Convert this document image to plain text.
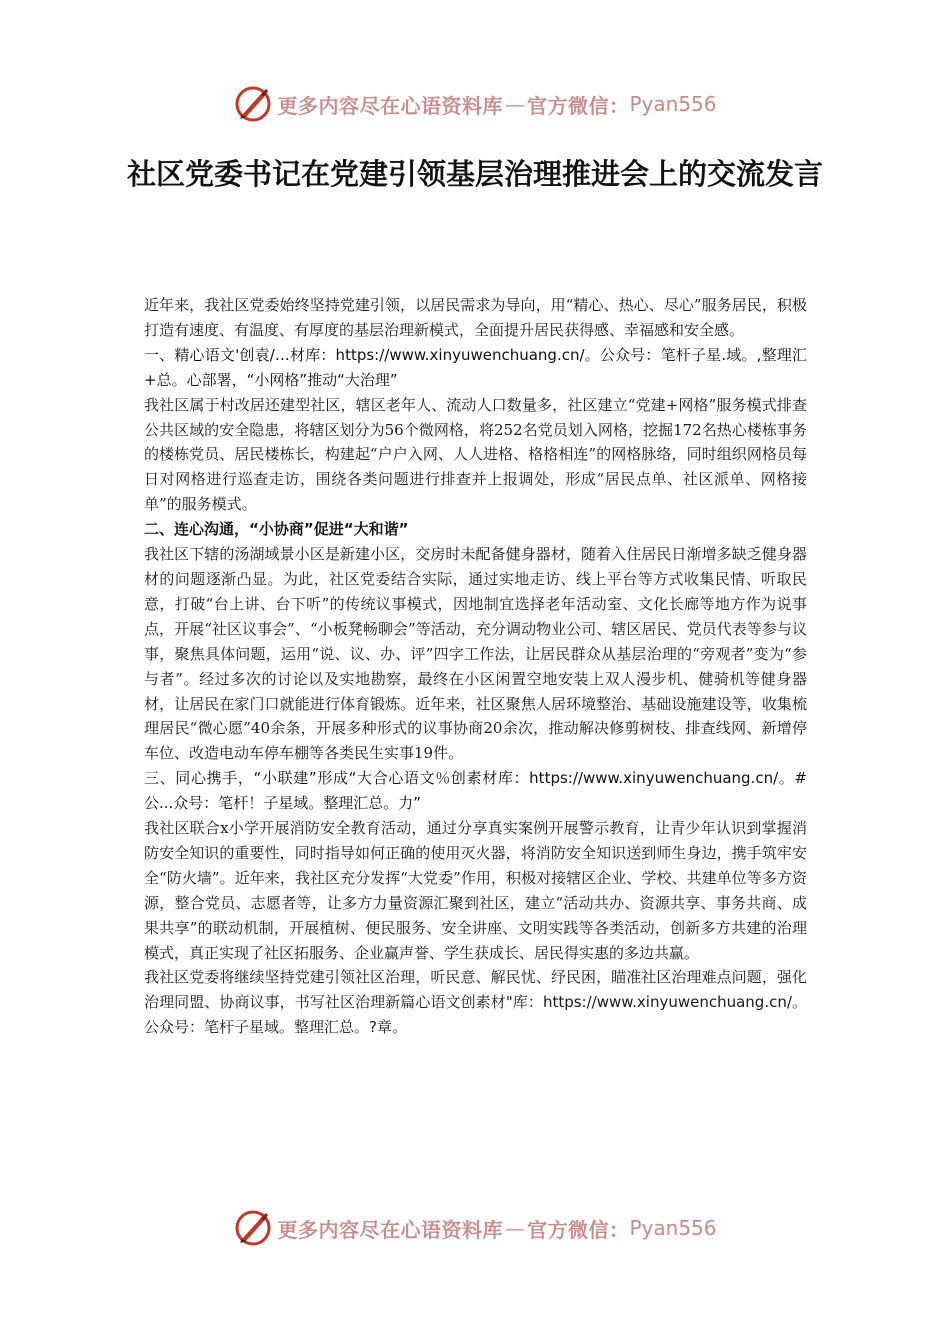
更多内容尽在心语资料库 — 官方微信： Pyan556
社区党委书记在党建引领基层治理推进会上的交流发言

近年来，我社区党委始终坚持党建引领，以居民需求为导向，用“精心、热心、尽心”服务居民，积极打造有速度、有温度、有厚度的基层治理新模式，全面提升居民获得感、幸福感和安全感。

一、精心语文'创袁/…材库：https://www.xinyuwenchuang.cn/。公众号：笔杆子星.域。,整理汇+总。心部署，“小网格”推动“大治理”

我社区属于村改居还建型社区，辖区老年人、流动人口数量多，社区建立“党建+网格”服务模式排查公共区域的安全隐患，将辖区划分为56个微网格，将252名党员划入网格，挖掘172名热心楼栋事务的楼栋党员、居民楼栋长，构建起“户户入网、人人进格、格格相连”的网格脉络，同时组织网格员每日对网格进行巡查走访，围绕各类问题进行排查并上报调处，形成“居民点单、社区派单、网格接单”的服务模式。

二、连心沟通，“小协商”促进“大和谐”

我社区下辖的汤湖域景小区是新建小区，交房时未配备健身器材，随着入住居民日渐增多缺乏健身器材的问题逐渐凸显。为此，社区党委结合实际，通过实地走访、线上平台等方式收集民情、听取民意，打破“台上讲、台下听”的传统议事模式，因地制宜选择老年活动室、文化长廊等地方作为说事点，开展“社区议事会”、“小板凳畅聊会”等活动，充分调动物业公司、辖区居民、党员代表等参与议事，聚焦具体问题，运用“说、议、办、评”四字工作法，让居民群众从基层治理的“旁观者”变为“参与者”。经过多次的讨论以及实地勘察，最终在小区闲置空地安装上双人漫步机、健骑机等健身器材，让居民在家门口就能进行体育锻炼。近年来，社区聚焦人居环境整治、基础设施建设等，收集梳理居民“微心愿”40余条，开展多种形式的议事协商20余次，推动解决修剪树枝、排查线网、新增停车位、改造电动车停车棚等各类民生实事19件。

三、同心携手，“小联建”形成“大合心语文％创素材库：https://www.xinyuwenchuang.cn/。#公...众号：笔杆！子星域。整理汇总。力”

我社区联合x小学开展消防安全教育活动，通过分享真实案例开展警示教育，让青少年认识到掌握消防安全知识的重要性，同时指导如何正确的使用灭火器，将消防安全知识送到师生身边，携手筑牢安全“防火墙”。近年来，我社区充分发挥“大党委”作用，积极对接辖区企业、学校、共建单位等多方资源，整合党员、志愿者等，让多方力量资源汇聚到社区，建立“活动共办、资源共享、事务共商、成果共享”的联动机制，开展植树、便民服务、安全讲座、文明实践等各类活动，创新多方共建的治理模式，真正实现了社区拓服务、企业赢声誉、学生获成长、居民得实惠的多边共赢。

我社区党委将继续坚持党建引领社区治理，听民意、解民忧、纾民困，瞄准社区治理难点问题，强化治理同盟、协商议事，书写社区治理新篇心语文创素材"库：https://www.xinyuwenchuang.cn/。公众号：笔杆子星域。整理汇总。?章。

更多内容尽在心语资料库 — 官方微信： Pyan556
